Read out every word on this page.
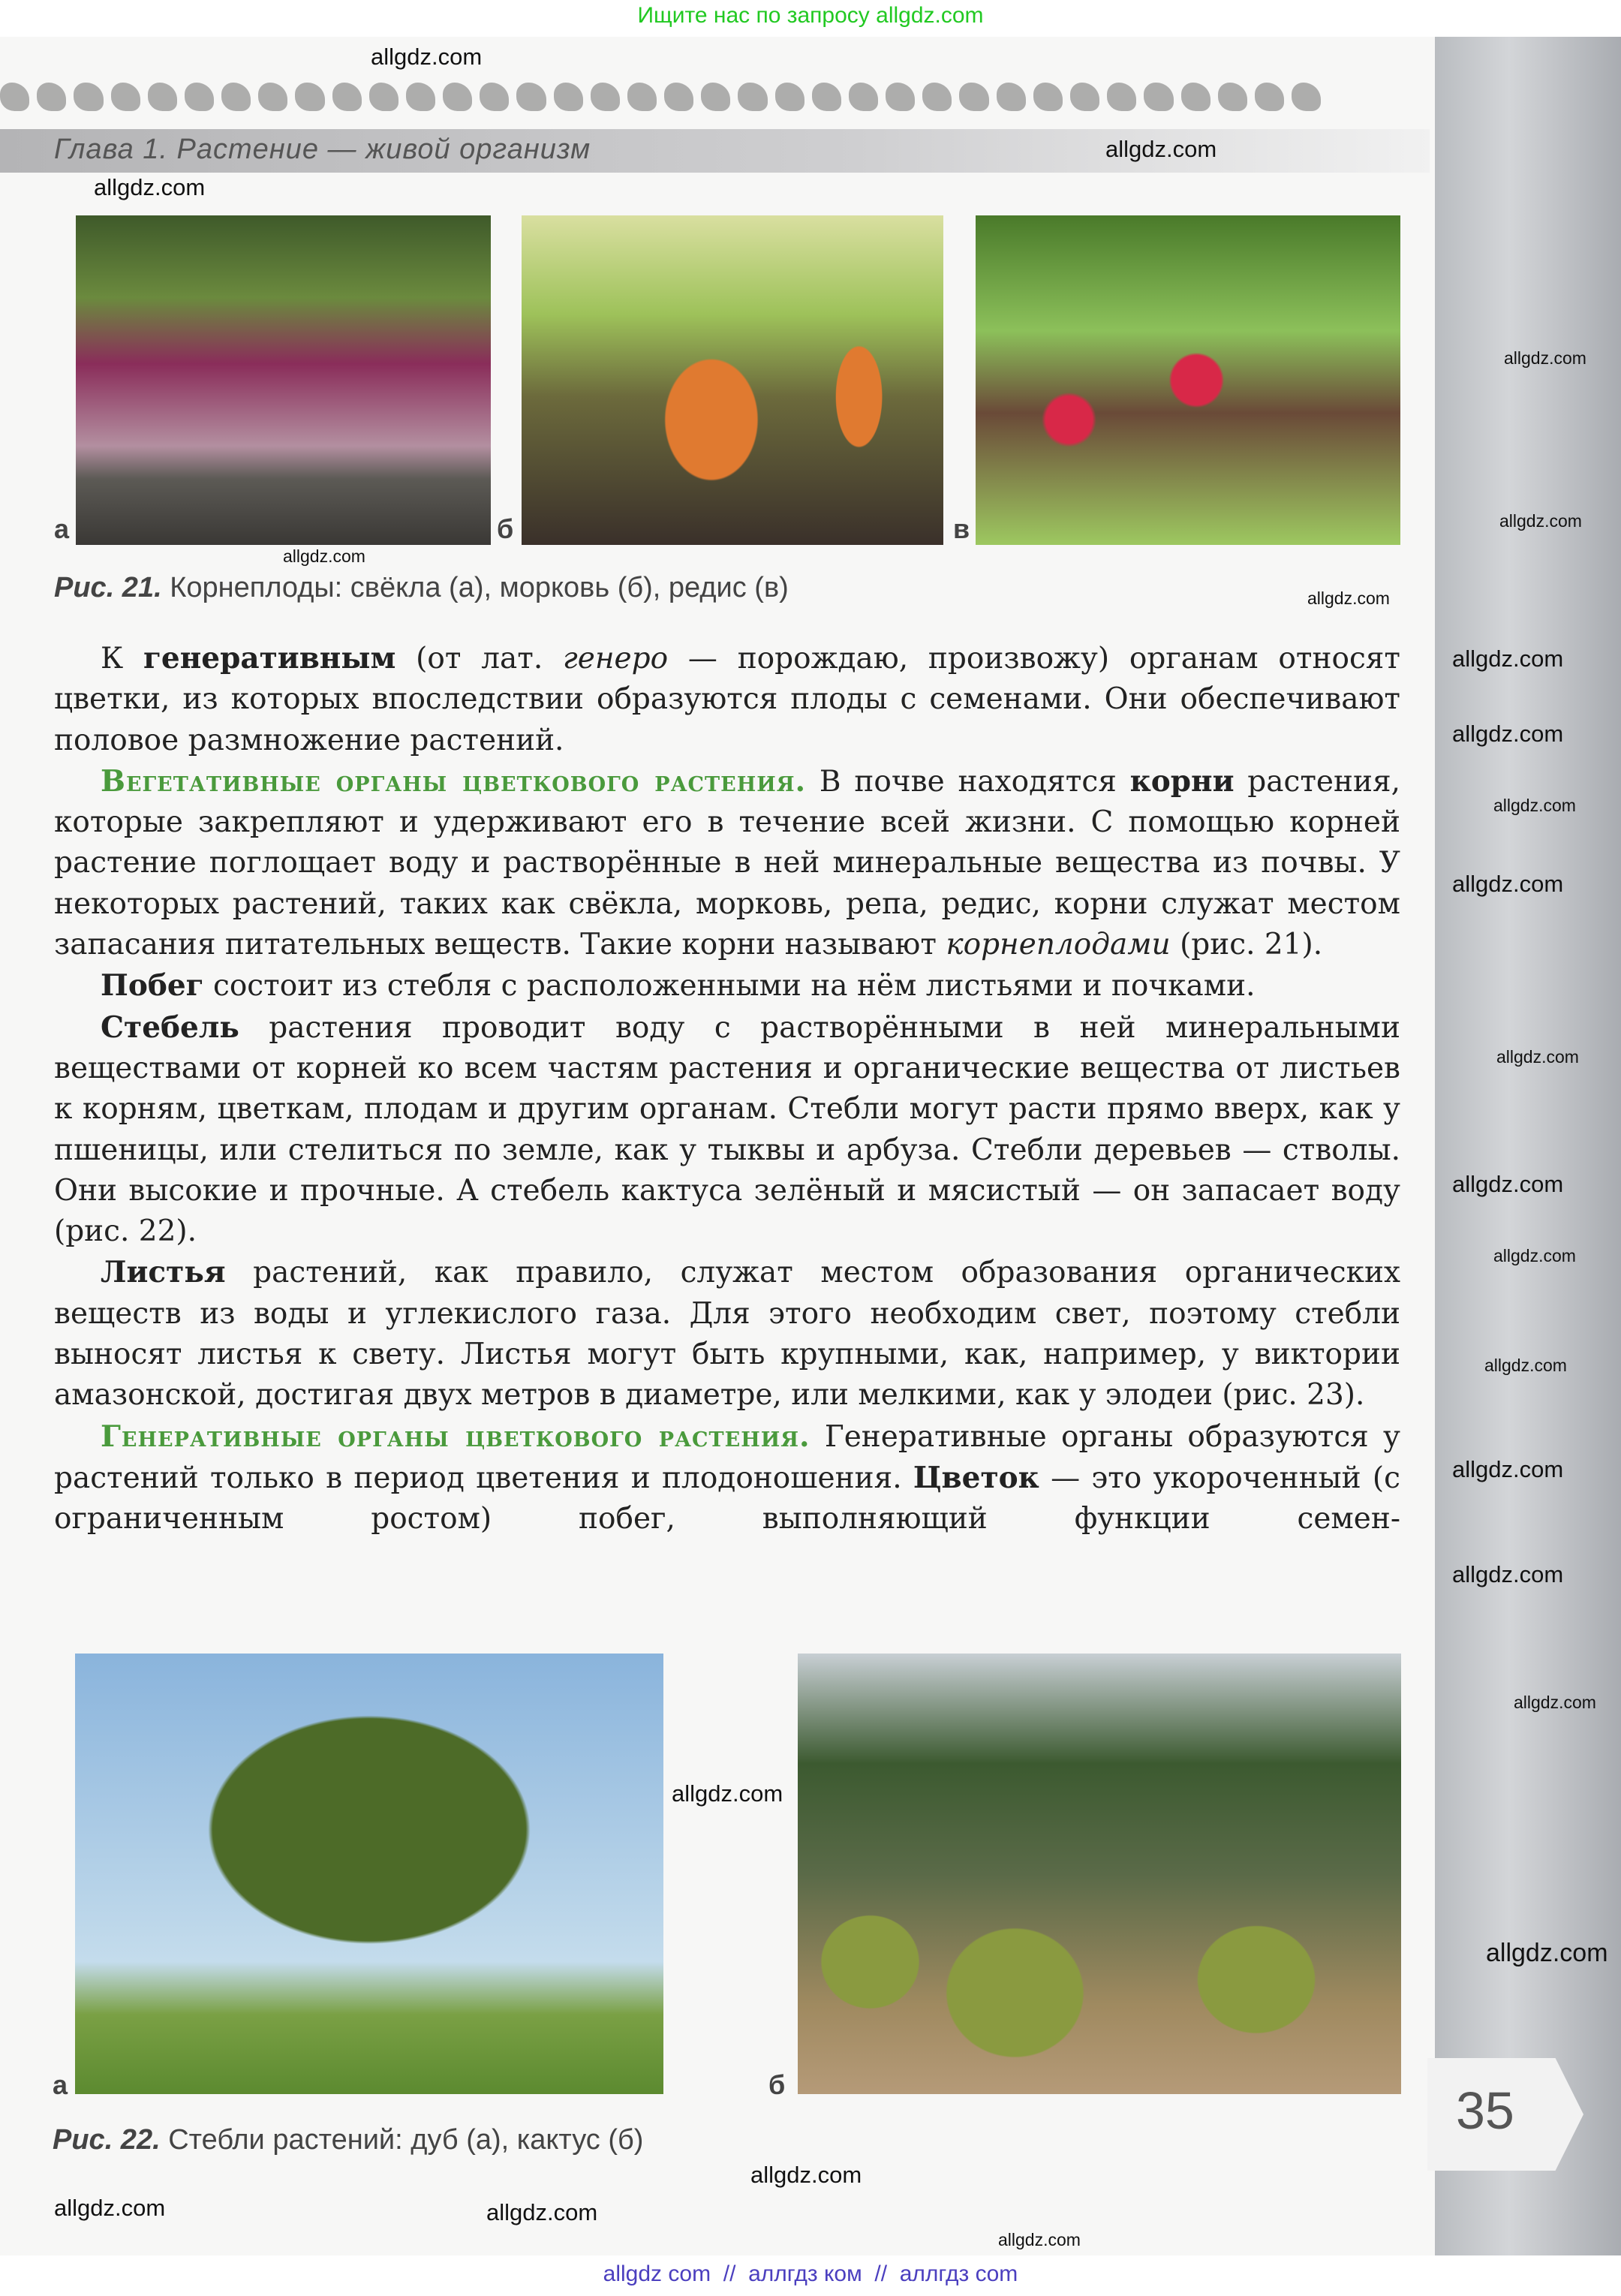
Ищите нас по запросу allgdz.com
Глава 1. Растение — живой организм
а	б	в
Рис. 21. Корнеплоды: свёкла (а), морковь (б), редис (в)

К генеративным (от лат. генеро — порождаю, произвожу) органам относят цветки, из которых впоследствии образуются плоды с семенами. Они обеспечивают половое размножение растений.

Вегетативные органы цветкового растения. В почве находятся корни растения, которые закрепляют и удерживают его в течение всей жизни. С помощью корней растение поглощает воду и растворённые в ней минеральные вещества из почвы. У некоторых растений, таких как свёкла, морковь, репа, редис, корни служат местом запасания питательных веществ. Такие корни называют корнеплодами (рис. 21).

Побег состоит из стебля с расположенными на нём листьями и почками.

Стебель растения проводит воду с растворёнными в ней минеральными веществами от корней ко всем частям растения и органические вещества от листьев к корням, цветкам, плодам и другим органам. Стебли могут расти прямо вверх, как у пшеницы, или стелиться по земле, как у тыквы и арбуза. Стебли деревьев — стволы. Они высокие и прочные. А стебель кактуса зелёный и мясистый — он запасает воду (рис. 22).

Листья растений, как правило, служат местом образования органических веществ из воды и углекислого газа. Для этого необходим свет, поэтому стебли выносят листья к свету. Листья могут быть крупными, как, например, у виктории амазонской, достигая двух метров в диаметре, или мелкими, как у элодеи (рис. 23).

Генеративные органы цветкового растения. Генеративные органы образуются у растений только в период цветения и плодоношения. Цветок — это укороченный (с ограниченным ростом) побег, выполняющий функции семен-

а	б
Рис. 22. Стебли растений: дуб (а), кактус (б)	35
allgdz.com
allgdz.com
allgdz.com
allgdz.com
allgdz.com
allgdz.com
allgdz.com
allgdz.com
allgdz.com
allgdz.com
allgdz.com
allgdz.com
allgdz.com
allgdz.com
allgdz.com
allgdz.com
allgdz.com
allgdz.com
allgdz.com
allgdz.com
allgdz.com
allgdz.com
allgdz.com
allgdz.com
allgdz com  //  аллгдз ком  //  аллгдз com
